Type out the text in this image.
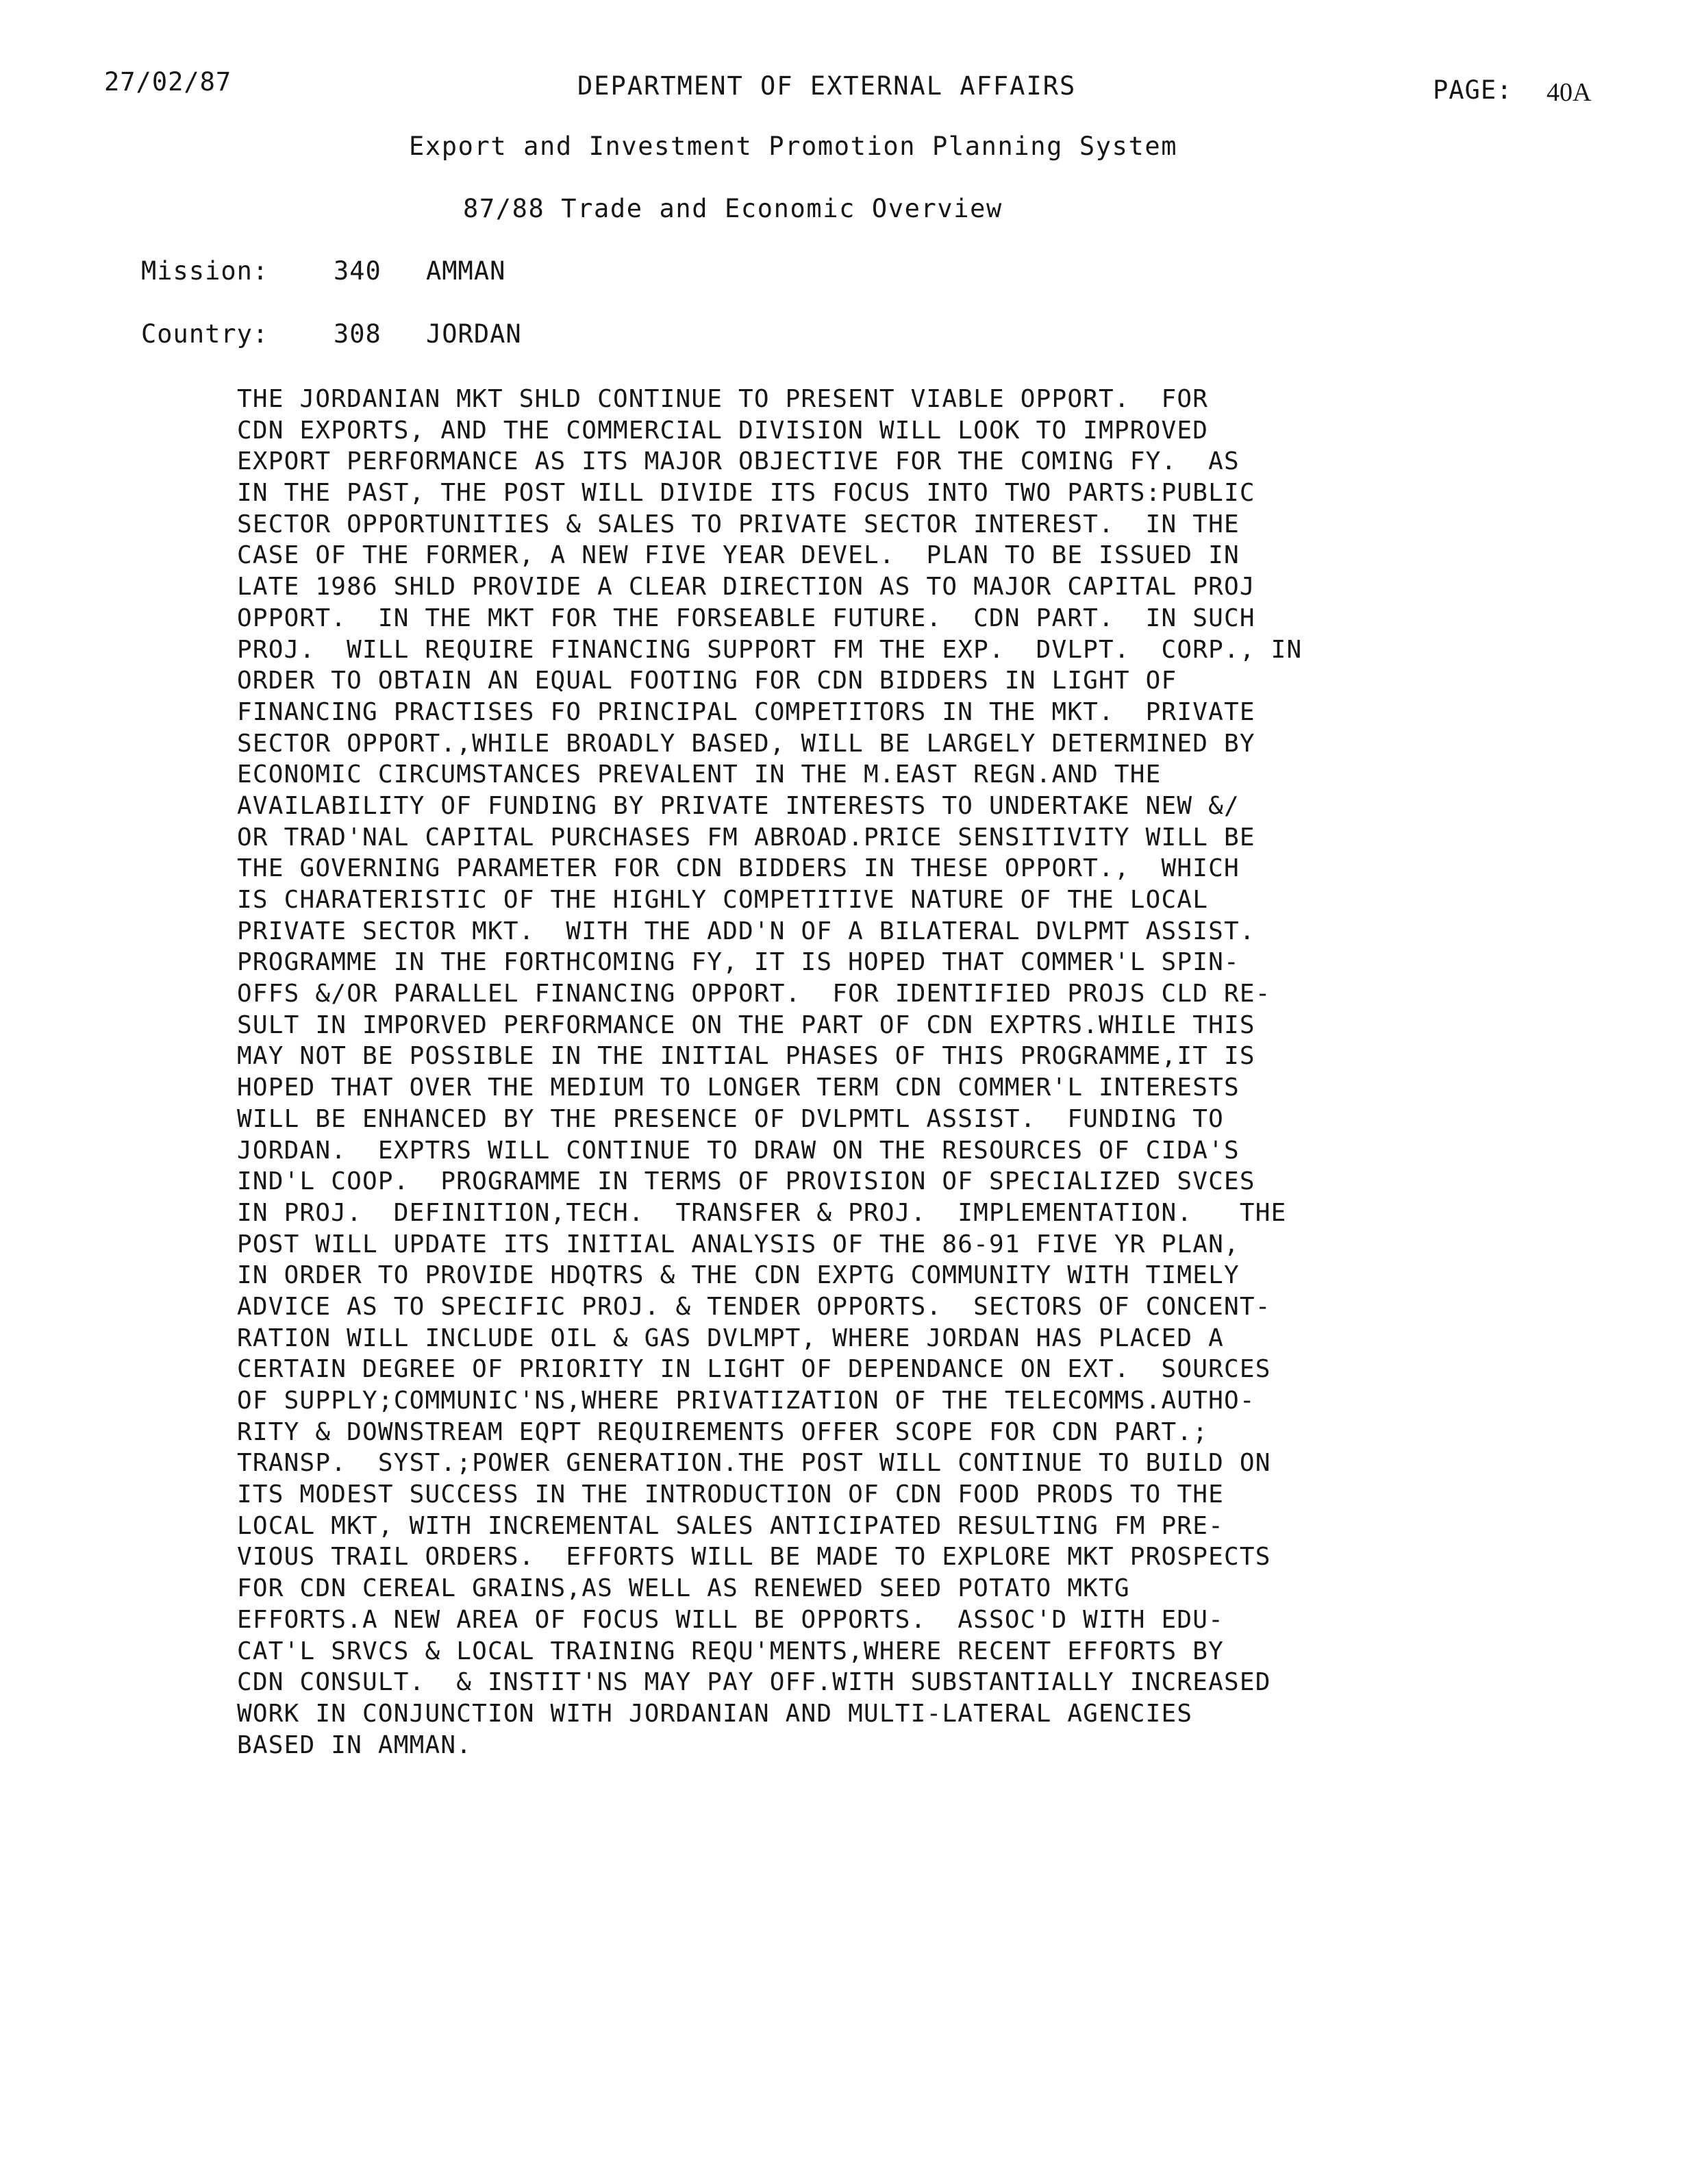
27/02/87	DEPARTMENT OF EXTERNAL AFFAIRS	PAGE: 40A
Export and Investment Promotion Planning System
87/88 Trade and Economic Overview
Mission:	340 AMMAN
Country:	308 JORDAN
THE JORDANIAN MKT SHLD CONTINUE TO PRESENT VIABLE OPPORT.  FOR
CDN EXPORTS, AND THE COMMERCIAL DIVISION WILL LOOK TO IMPROVED
EXPORT PERFORMANCE AS ITS MAJOR OBJECTIVE FOR THE COMING FY.  AS
IN THE PAST, THE POST WILL DIVIDE ITS FOCUS INTO TWO PARTS:PUBLIC
SECTOR OPPORTUNITIES & SALES TO PRIVATE SECTOR INTEREST.  IN THE
CASE OF THE FORMER, A NEW FIVE YEAR DEVEL.  PLAN TO BE ISSUED IN
LATE 1986 SHLD PROVIDE A CLEAR DIRECTION AS TO MAJOR CAPITAL PROJ
OPPORT.  IN THE MKT FOR THE FORSEABLE FUTURE.  CDN PART.  IN SUCH
PROJ.  WILL REQUIRE FINANCING SUPPORT FM THE EXP.  DVLPT.  CORP., IN
ORDER TO OBTAIN AN EQUAL FOOTING FOR CDN BIDDERS IN LIGHT OF
FINANCING PRACTISES FO PRINCIPAL COMPETITORS IN THE MKT.  PRIVATE
SECTOR OPPORT.,WHILE BROADLY BASED, WILL BE LARGELY DETERMINED BY
ECONOMIC CIRCUMSTANCES PREVALENT IN THE M.EAST REGN.AND THE
AVAILABILITY OF FUNDING BY PRIVATE INTERESTS TO UNDERTAKE NEW &/
OR TRAD'NAL CAPITAL PURCHASES FM ABROAD.PRICE SENSITIVITY WILL BE
THE GOVERNING PARAMETER FOR CDN BIDDERS IN THESE OPPORT.,  WHICH
IS CHARATERISTIC OF THE HIGHLY COMPETITIVE NATURE OF THE LOCAL
PRIVATE SECTOR MKT.  WITH THE ADD'N OF A BILATERAL DVLPMT ASSIST.
PROGRAMME IN THE FORTHCOMING FY, IT IS HOPED THAT COMMER'L SPIN-
OFFS &/OR PARALLEL FINANCING OPPORT.  FOR IDENTIFIED PROJS CLD RE-
SULT IN IMPORVED PERFORMANCE ON THE PART OF CDN EXPTRS.WHILE THIS
MAY NOT BE POSSIBLE IN THE INITIAL PHASES OF THIS PROGRAMME,IT IS
HOPED THAT OVER THE MEDIUM TO LONGER TERM CDN COMMER'L INTERESTS
WILL BE ENHANCED BY THE PRESENCE OF DVLPMTL ASSIST.  FUNDING TO
JORDAN.  EXPTRS WILL CONTINUE TO DRAW ON THE RESOURCES OF CIDA'S
IND'L COOP.  PROGRAMME IN TERMS OF PROVISION OF SPECIALIZED SVCES
IN PROJ.  DEFINITION,TECH.  TRANSFER & PROJ.  IMPLEMENTATION.   THE
POST WILL UPDATE ITS INITIAL ANALYSIS OF THE 86-91 FIVE YR PLAN,
IN ORDER TO PROVIDE HDQTRS & THE CDN EXPTG COMMUNITY WITH TIMELY
ADVICE AS TO SPECIFIC PROJ. & TENDER OPPORTS.  SECTORS OF CONCENT-
RATION WILL INCLUDE OIL & GAS DVLMPT, WHERE JORDAN HAS PLACED A
CERTAIN DEGREE OF PRIORITY IN LIGHT OF DEPENDANCE ON EXT.  SOURCES
OF SUPPLY;COMMUNIC'NS,WHERE PRIVATIZATION OF THE TELECOMMS.AUTHO-
RITY & DOWNSTREAM EQPT REQUIREMENTS OFFER SCOPE FOR CDN PART.;
TRANSP.  SYST.;POWER GENERATION.THE POST WILL CONTINUE TO BUILD ON
ITS MODEST SUCCESS IN THE INTRODUCTION OF CDN FOOD PRODS TO THE
LOCAL MKT, WITH INCREMENTAL SALES ANTICIPATED RESULTING FM PRE-
VIOUS TRAIL ORDERS.  EFFORTS WILL BE MADE TO EXPLORE MKT PROSPECTS
FOR CDN CEREAL GRAINS,AS WELL AS RENEWED SEED POTATO MKTG
EFFORTS.A NEW AREA OF FOCUS WILL BE OPPORTS.  ASSOC'D WITH EDU-
CAT'L SRVCS & LOCAL TRAINING REQU'MENTS,WHERE RECENT EFFORTS BY
CDN CONSULT.  & INSTIT'NS MAY PAY OFF.WITH SUBSTANTIALLY INCREASED
WORK IN CONJUNCTION WITH JORDANIAN AND MULTI-LATERAL AGENCIES
BASED IN AMMAN.
